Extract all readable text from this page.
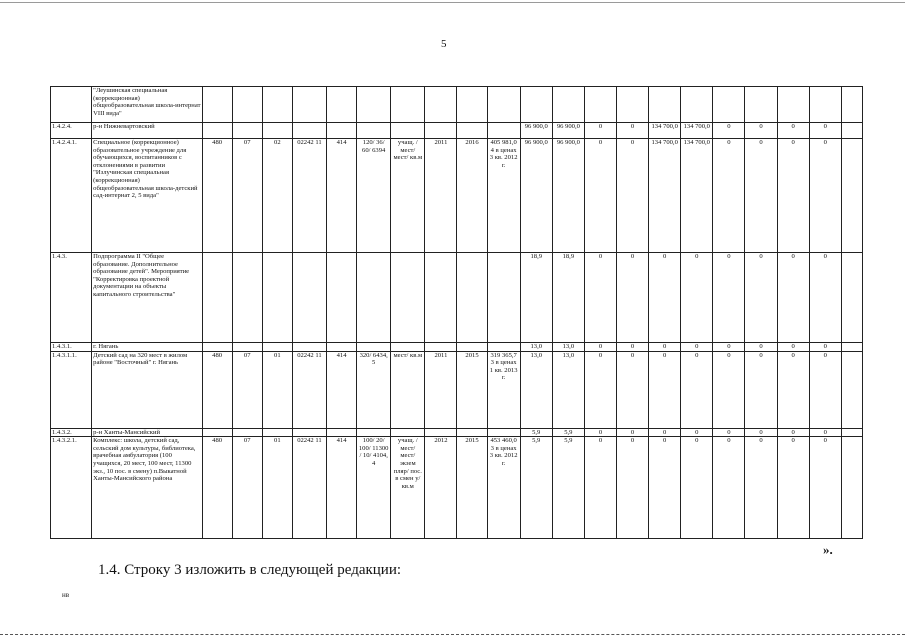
5
	"Леушинская специальная (коррекционная) общеобразовательная школа-интернат VIII вида"																					
1.4.2.4.	р-н Нижневартовский											96 900,0	96 900,0	0	0	134 700,0	134 700,0	0	0	0	0	
1.4.2.4.1.	Специальное (коррекционное) образовательное учреждение для обучающихся, воспитанников с отклонениями в развитии "Излучинская специальная (коррекционная) общеобразовательная школа-детский сад-интернат 2, 5 вида"	480	07	02	02242 11	414	120/ 36/ 60/ 6394	учащ. / мест/ мест/ кв.м	2011	2016	405 981,0 4 в ценах 3 кв. 2012 г.	96 900,0	96 900,0	0	0	134 700,0	134 700,0	0	0	0	0	
1.4.3.	Подпрограмма II "Общее образование. Дополнительное образование детей". Мероприятие "Корректировка проектной документации на объекты капитального строительства"											18,9	18,9	0	0	0	0	0	0	0	0	
1.4.3.1.	г. Нягань											13,0	13,0	0	0	0	0	0	0	0	0	
1.4.3.1.1.	Детский сад на 320 мест в жилом районе "Восточный" г. Нягань	480	07	01	02242 11	414	320/ 6434, 5	мест/ кв.м	2011	2015	319 365,7 3 в ценах 1 кв. 2013 г.	13,0	13,0	0	0	0	0	0	0	0	0	
1.4.3.2.	р-н Ханты-Мансийский											5,9	5,9	0	0	0	0	0	0	0	0	
1.4.3.2.1.	Комплекс: школа, детский сад, сельский дом культуры, библиотека, врачебная амбулатория (100 учащихся, 20 мест, 100 мест, 11300 экз., 10 пос. в смену) п.Выкатной Ханты-Мансийского района	480	07	01	02242 11	414	100/ 20/ 100/ 11300 / 10/ 4104, 4	учащ. / мест/ мест/ экзем пляр/ пос. в смен у/ кв.м	2012	2015	453 460,0 3 в ценах 3 кв. 2012 г.	5,9	5,9	0	0	0	0	0	0	0	0	
».
1.4. Строку 3 изложить в следующей редакции:
нв
